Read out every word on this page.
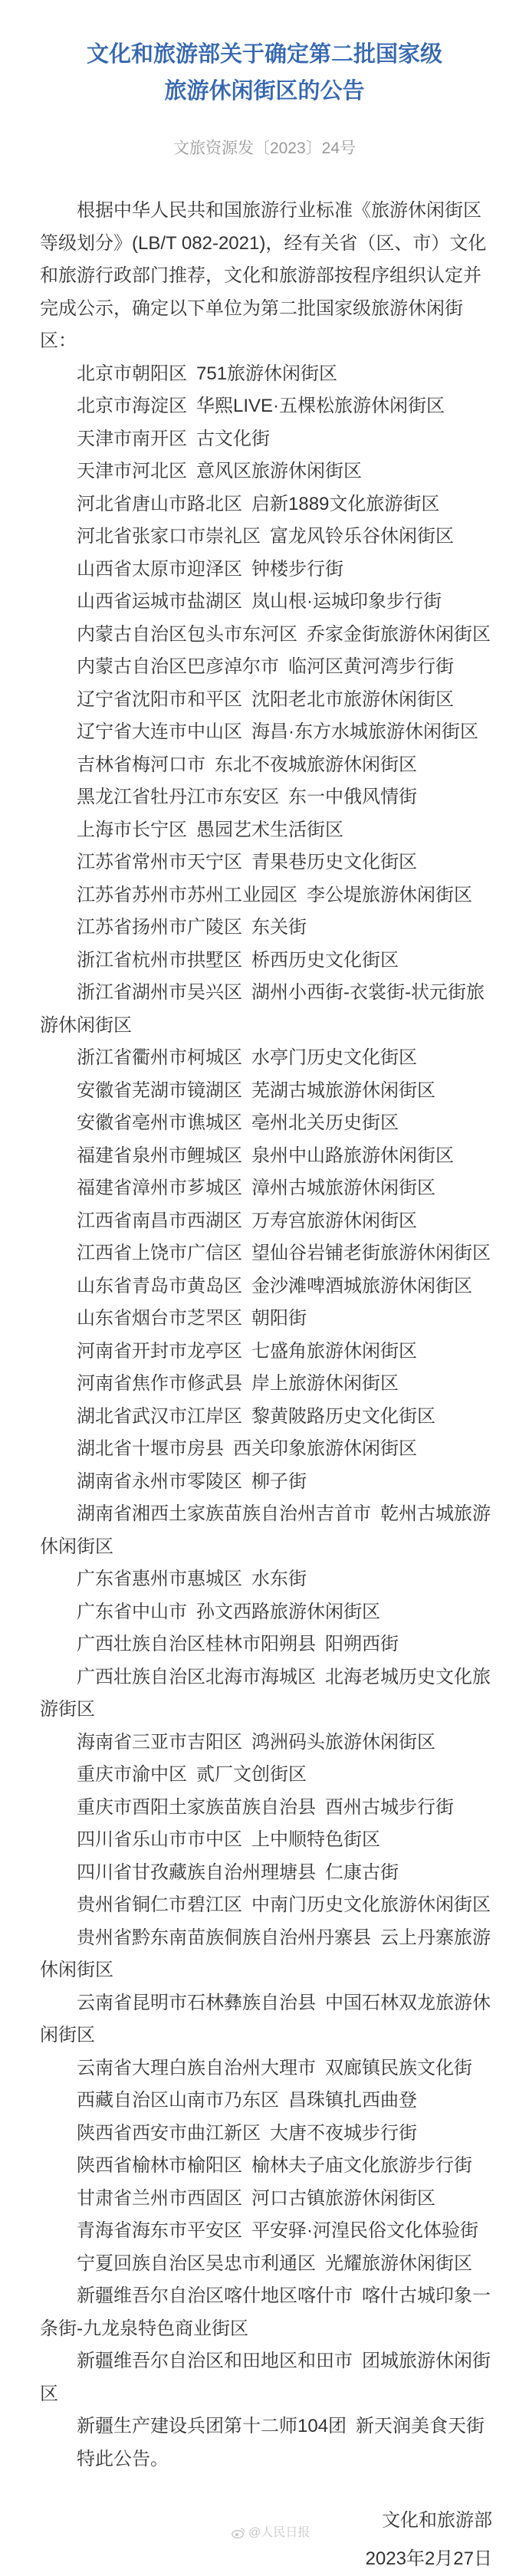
文化和旅游部关于确定第二批国家级旅游休闲街区的公告
文旅资源发〔2023〕24号

根据中华人民共和国旅游行业标准《旅游休闲街区等级划分》(LB/T 082-2021)，经有关省（区、市）文化和旅游行政部门推荐，文化和旅游部按程序组织认定并完成公示，确定以下单位为第二批国家级旅游休闲街区：

北京市朝阳区 751旅游休闲街区

北京市海淀区 华熙LIVE·五棵松旅游休闲街区

天津市南开区 古文化街

天津市河北区 意风区旅游休闲街区

河北省唐山市路北区 启新1889文化旅游街区

河北省张家口市崇礼区 富龙风铃乐谷休闲街区

山西省太原市迎泽区 钟楼步行街

山西省运城市盐湖区 岚山根·运城印象步行街

内蒙古自治区包头市东河区 乔家金街旅游休闲街区

内蒙古自治区巴彦淖尔市 临河区黄河湾步行街

辽宁省沈阳市和平区 沈阳老北市旅游休闲街区

辽宁省大连市中山区 海昌·东方水城旅游休闲街区

吉林省梅河口市 东北不夜城旅游休闲街区

黑龙江省牡丹江市东安区 东一中俄风情街

上海市长宁区 愚园艺术生活街区

江苏省常州市天宁区 青果巷历史文化街区

江苏省苏州市苏州工业园区 李公堤旅游休闲街区

江苏省扬州市广陵区 东关街

浙江省杭州市拱墅区 桥西历史文化街区

浙江省湖州市吴兴区 湖州小西街-衣裳街-状元街旅游休闲街区

浙江省衢州市柯城区 水亭门历史文化街区

安徽省芜湖市镜湖区 芜湖古城旅游休闲街区

安徽省亳州市谯城区 亳州北关历史街区

福建省泉州市鲤城区 泉州中山路旅游休闲街区

福建省漳州市芗城区 漳州古城旅游休闲街区

江西省南昌市西湖区 万寿宫旅游休闲街区

江西省上饶市广信区 望仙谷岩铺老街旅游休闲街区

山东省青岛市黄岛区 金沙滩啤酒城旅游休闲街区

山东省烟台市芝罘区 朝阳街

河南省开封市龙亭区 七盛角旅游休闲街区

河南省焦作市修武县 岸上旅游休闲街区

湖北省武汉市江岸区 黎黄陂路历史文化街区

湖北省十堰市房县 西关印象旅游休闲街区

湖南省永州市零陵区 柳子街

湖南省湘西土家族苗族自治州吉首市 乾州古城旅游休闲街区

广东省惠州市惠城区 水东街

广东省中山市 孙文西路旅游休闲街区

广西壮族自治区桂林市阳朔县 阳朔西街

广西壮族自治区北海市海城区 北海老城历史文化旅游街区

海南省三亚市吉阳区 鸿洲码头旅游休闲街区

重庆市渝中区 贰厂文创街区

重庆市酉阳土家族苗族自治县 酉州古城步行街

四川省乐山市市中区 上中顺特色街区

四川省甘孜藏族自治州理塘县 仁康古街

贵州省铜仁市碧江区 中南门历史文化旅游休闲街区

贵州省黔东南苗族侗族自治州丹寨县 云上丹寨旅游休闲街区

云南省昆明市石林彝族自治县 中国石林双龙旅游休闲街区

云南省大理白族自治州大理市 双廊镇民族文化街

西藏自治区山南市乃东区 昌珠镇扎西曲登

陕西省西安市曲江新区 大唐不夜城步行街

陕西省榆林市榆阳区 榆林夫子庙文化旅游步行街

甘肃省兰州市西固区 河口古镇旅游休闲街区

青海省海东市平安区 平安驿·河湟民俗文化体验街

宁夏回族自治区吴忠市利通区 光耀旅游休闲街区

新疆维吾尔自治区喀什地区喀什市 喀什古城印象一条街-九龙泉特色商业街区

新疆维吾尔自治区和田地区和田市 团城旅游休闲街区

新疆生产建设兵团第十二师104团 新天润美食天街

特此公告。

@人民日报
文化和旅游部
2023年2月27日
